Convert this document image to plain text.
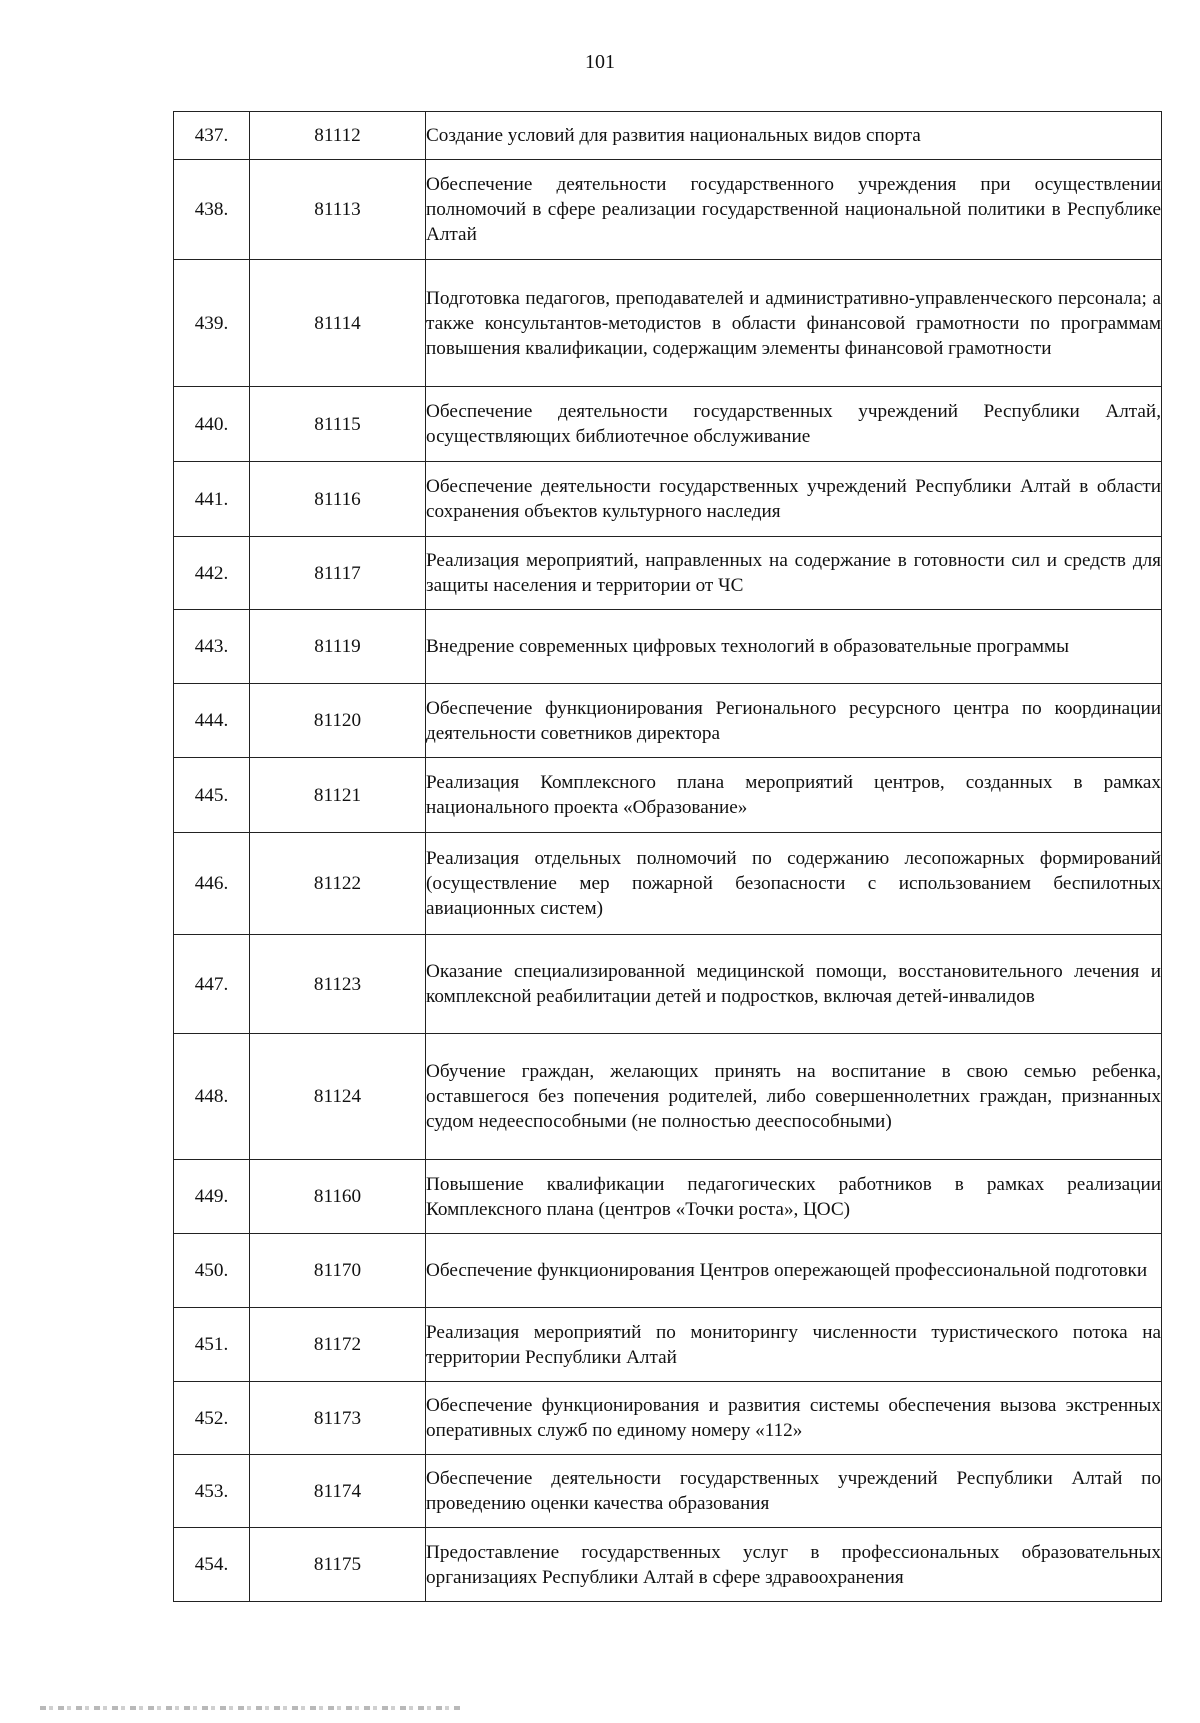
101
437.	81112	Создание условий для развития национальных видов спорта
438.	81113	Обеспечение деятельности государственного учреждения при осуществлении полномочий в сфере реализации государственной национальной политики в Республике Алтай
439.	81114	Подготовка педагогов, преподавателей и административно-управленческого персонала; а также консультантов-методистов в области финансовой грамотности по программам повышения квалификации, содержащим элементы финансовой грамотности
440.	81115	Обеспечение деятельности государственных учреждений Республики Алтай, осуществляющих библиотечное обслуживание
441.	81116	Обеспечение деятельности государственных учреждений Республики Алтай в области сохранения объектов культурного наследия
442.	81117	Реализация мероприятий, направленных на содержание в готовности сил и средств для защиты населения и территории от ЧС
443.	81119	Внедрение современных цифровых технологий в образовательные программы
444.	81120	Обеспечение функционирования Регионального ресурсного центра по координации деятельности советников директора
445.	81121	Реализация Комплексного плана мероприятий центров, созданных в рамках национального проекта «Образование»
446.	81122	Реализация отдельных полномочий по содержанию лесопожарных формирований (осуществление мер пожарной безопасности с использованием беспилотных авиационных систем)
447.	81123	Оказание специализированной медицинской помощи, восстановительного лечения и комплексной реабилитации детей и подростков, включая детей-инвалидов
448.	81124	Обучение граждан, желающих принять на воспитание в свою семью ребенка, оставшегося без попечения родителей, либо совершеннолетних граждан, признанных судом недееспособными (не полностью дееспособными)
449.	81160	Повышение квалификации педагогических работников в рамках реализации Комплексного плана (центров «Точки роста», ЦОС)
450.	81170	Обеспечение функционирования Центров опережающей профессиональной подготовки
451.	81172	Реализация мероприятий по мониторингу численности туристического потока на территории Республики Алтай
452.	81173	Обеспечение функционирования и развития системы обеспечения вызова экстренных оперативных служб по единому номеру «112»
453.	81174	Обеспечение деятельности государственных учреждений Республики Алтай по проведению оценки качества образования
454.	81175	Предоставление государственных услуг в профессиональных образовательных организациях Республики Алтай в сфере здравоохранения
